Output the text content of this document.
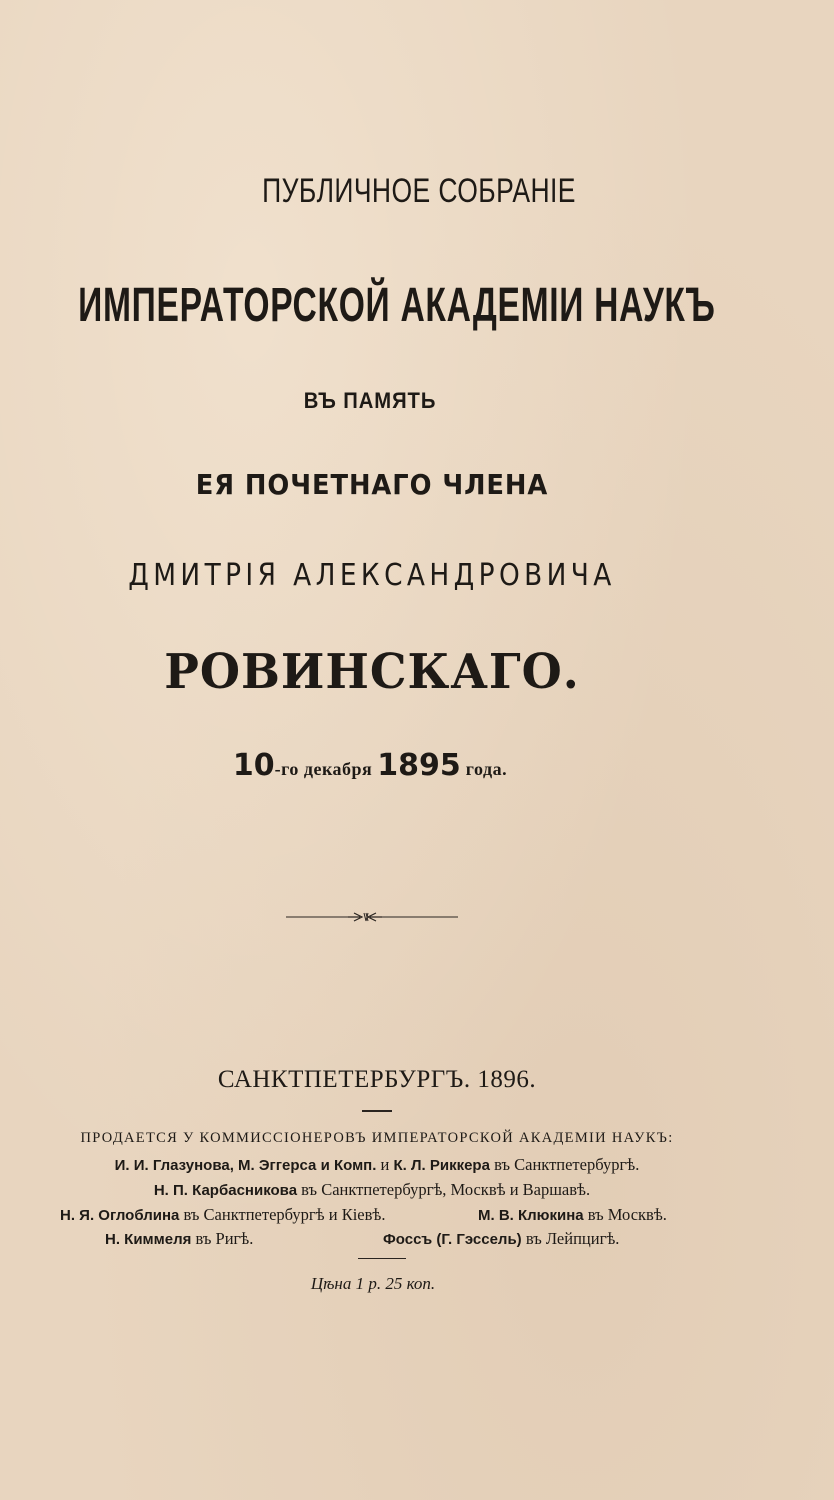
ПУБЛИЧНОЕ СОБРАНІЕ
ИМПЕРАТОРСКОЙ АКАДЕМІИ НАУКЪ
ВЪ ПАМЯТЬ
ЕЯ ПОЧЕТНАГО ЧЛЕНА
ДМИТРІЯ АЛЕКСАНДРОВИЧА
РОВИНСКАГО.
10-го декабря 1895 года.
САНКТПЕТЕРБУРГЪ. 1896.
ПРОДАЕТСЯ У КОММИССІОНЕРОВЪ ИМПЕРАТОРСКОЙ АКАДЕМІИ НАУКЪ:
И. И. Глазунова, М. Эггерса и Комп. и К. Л. Риккера въ Санктпетербургѣ.
Н. П. Карбасникова въ Санктпетербургѣ, Москвѣ и Варшавѣ.
Н. Я. Оглоблина въ Санктпетербургѣ и Кіевѣ.	М. В. Клюкина въ Москвѣ.
Н. Киммеля въ Ригѣ.	Фоссъ (Г. Гэссель) въ Лейпцигѣ.
Цѣна 1 р. 25 коп.
